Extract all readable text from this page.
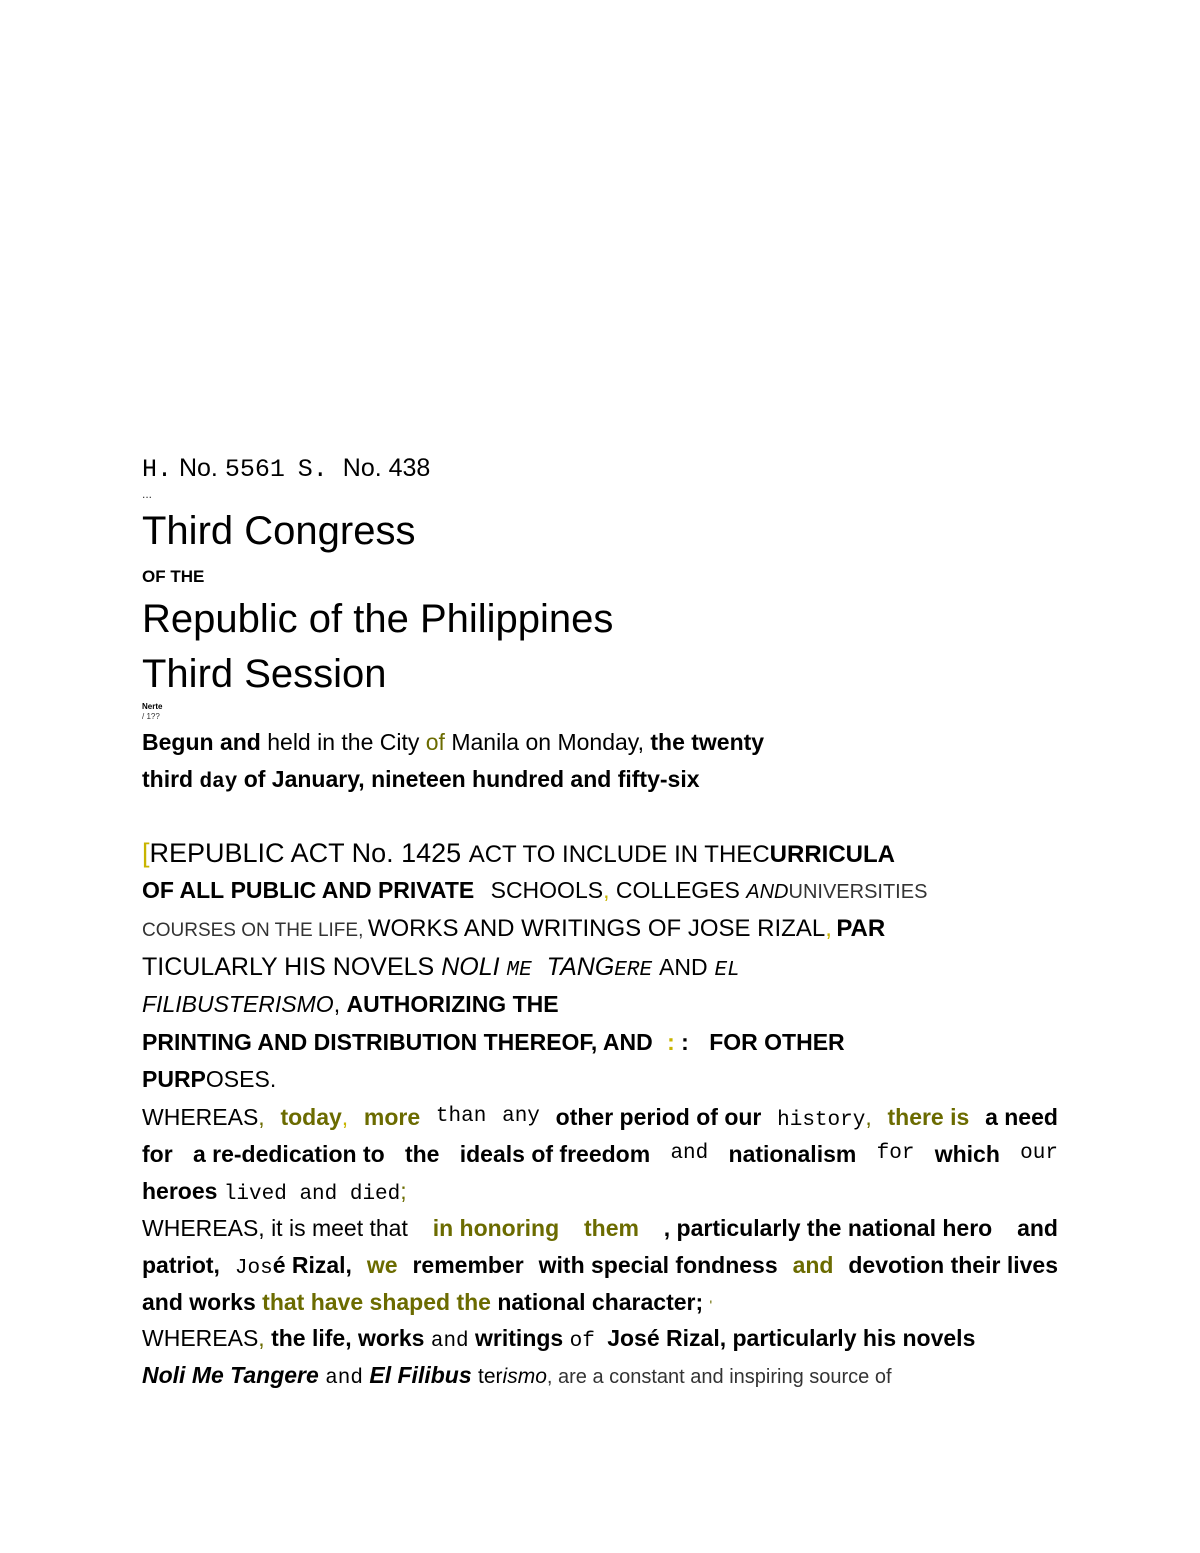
H. No. 5561 S. No. 438
...
Third Congress
OF THE
Republic of the Philippines
Third Session
Nerte
/ 1??
Begun and held in the City of Manila on Monday, the twenty
third day of January, nineteen hundred and fifty-six
[REPUBLIC ACT No. 1425 ACT TO INCLUDE IN THECURRICULA
OF ALL PUBLIC AND PRIVATE SCHOOLS, COLLEGES ANDUNIVERSITIES
COURSES ON THE LIFE, WORKS AND WRITINGS OF JOSE RIZAL, PAR
TICULARLY HIS NOVELS NOLI ME TANGERE AND EL
FILIBUSTERISMO, AUTHORIZING THE
PRINTING AND DISTRIBUTION THEREOF, AND : : FOR OTHER
PURPOSES.
WHEREAS, today, more than any other period of our history, there is a need
for a re-dedication to the ideals of freedom and nationalism for which our
heroes lived and died;
WHEREAS, it is meet that in honoring them , particularly the national hero and
patriot, José Rizal, we remember with special fondness and devotion their lives
and works that have shaped the national character; '
WHEREAS, the life, works and writings of José Rizal, particularly his novels
Noli Me Tangere and El Filibus terismo, are a constant and inspiring source of
